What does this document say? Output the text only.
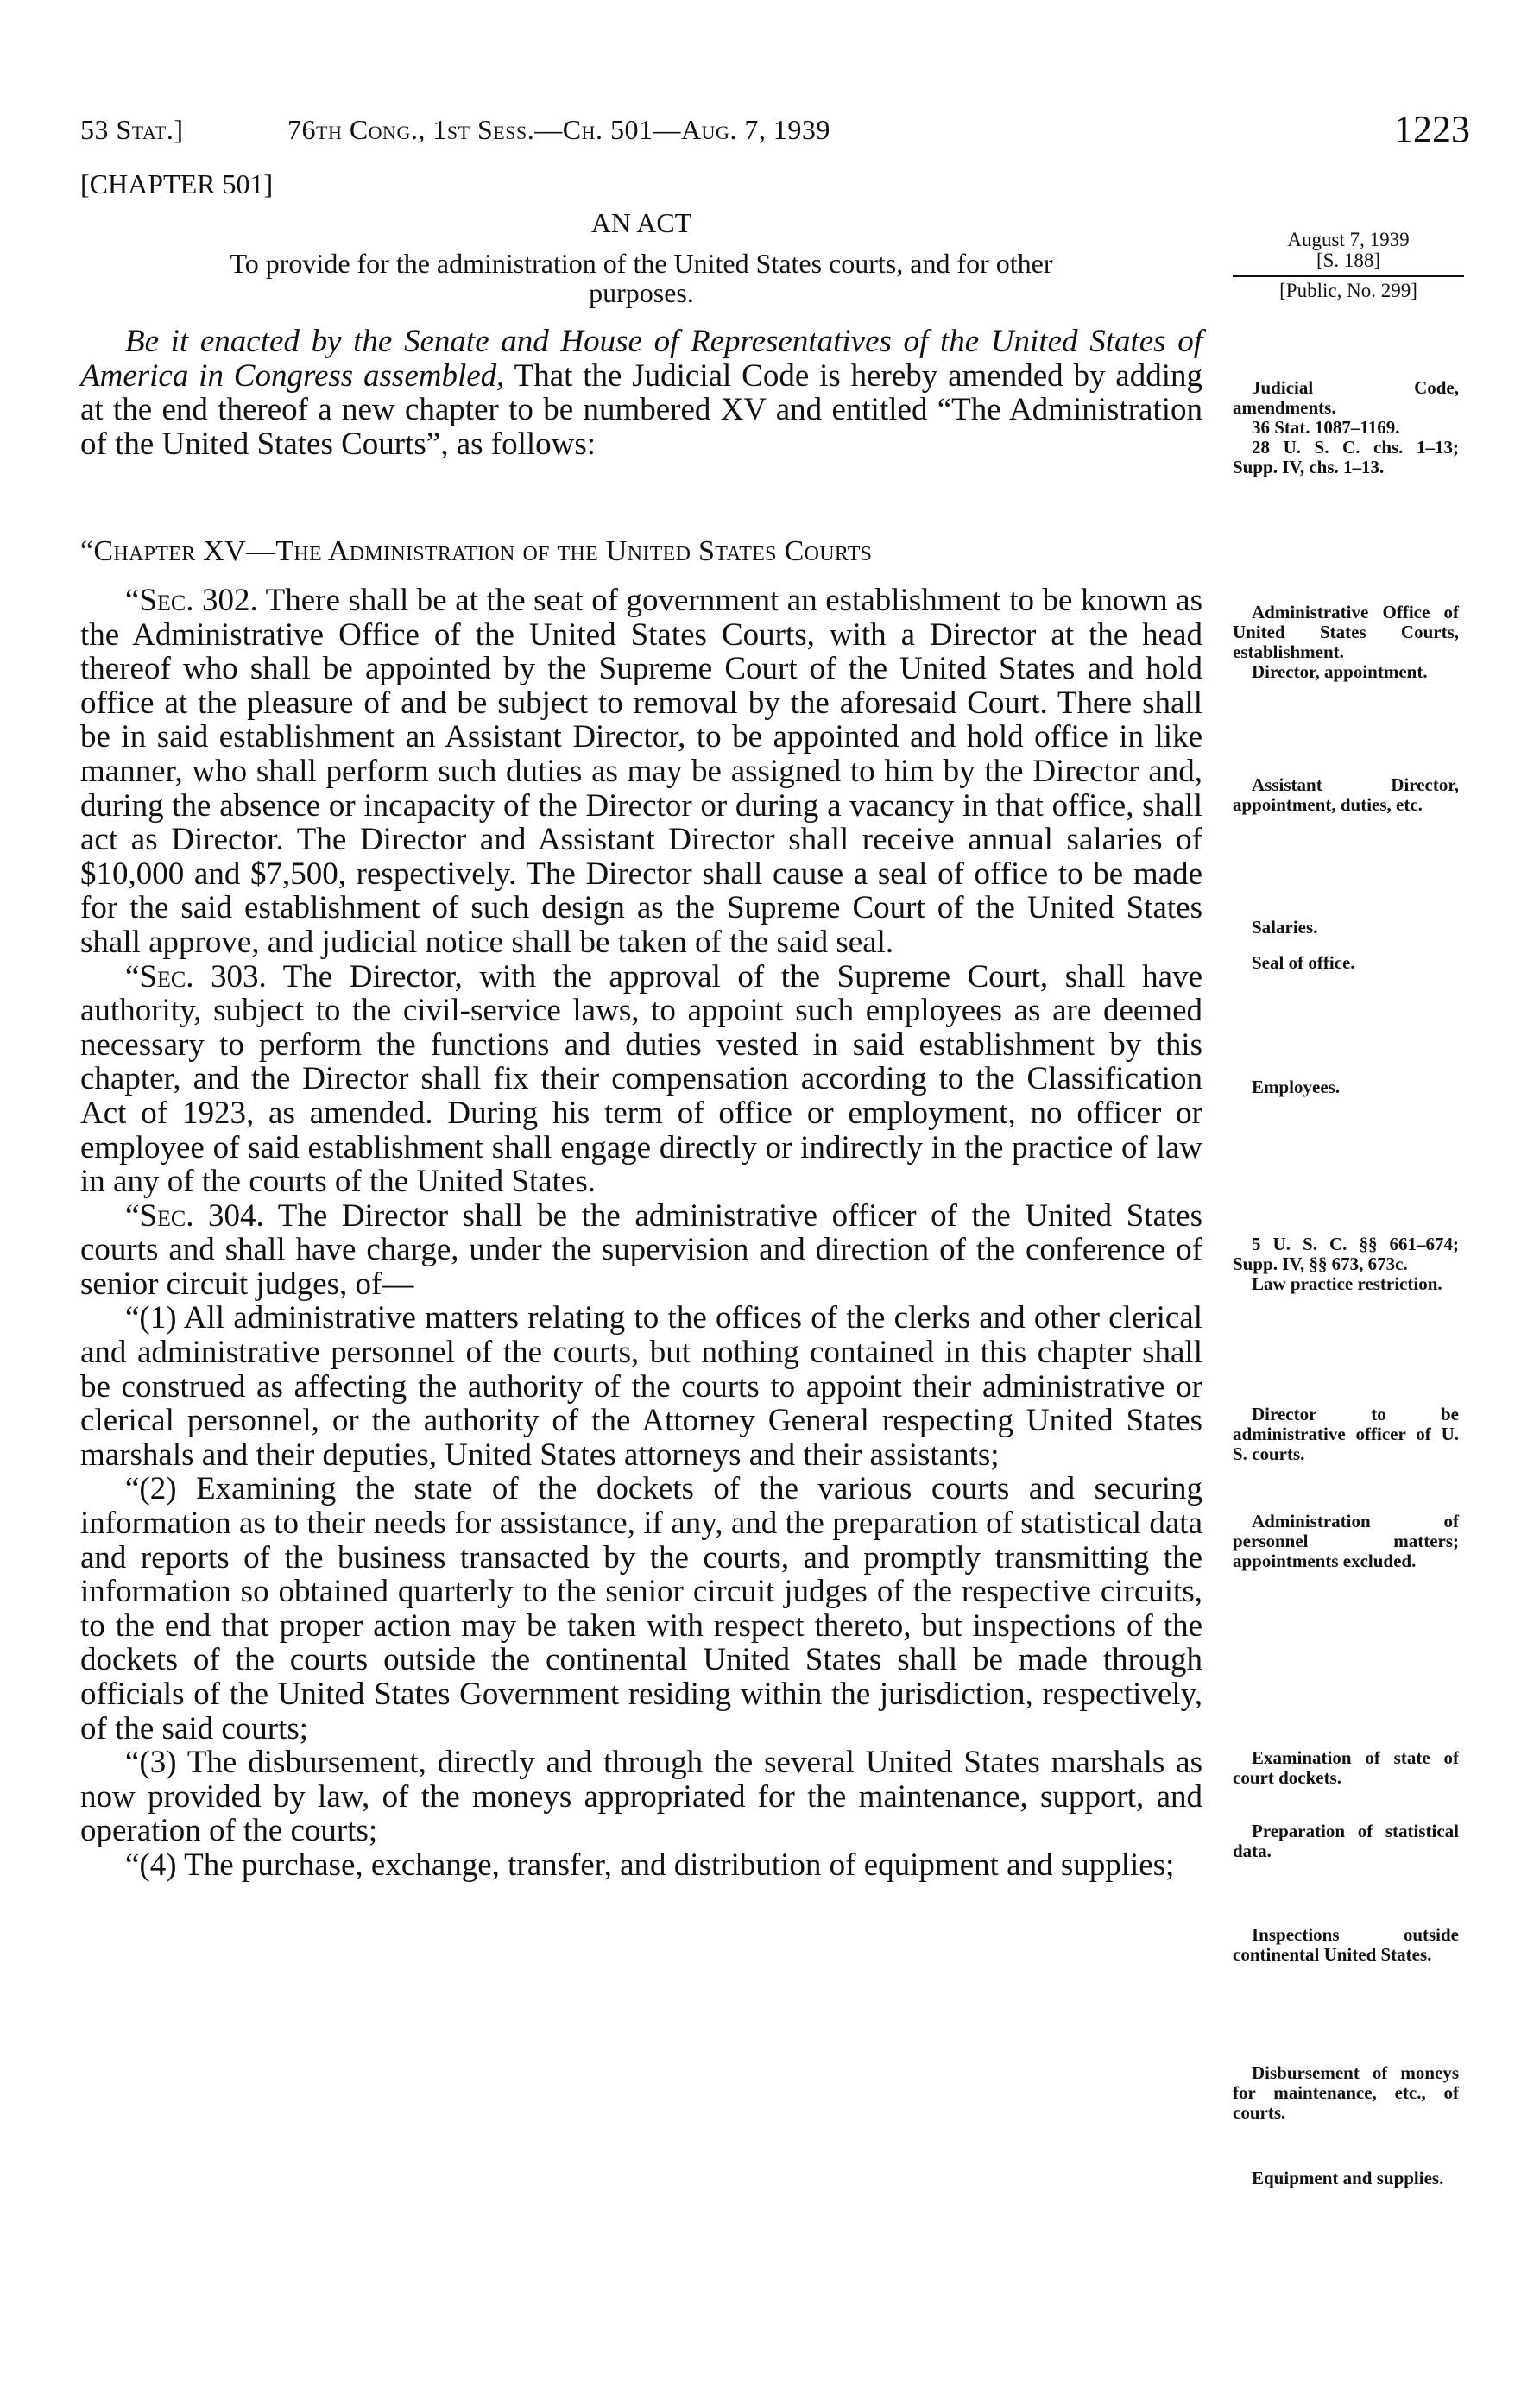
53 Stat.]	76th Cong., 1st Sess.—Ch. 501—Aug. 7, 1939	1223
[CHAPTER 501]
AN ACT
To provide for the administration of the United States courts, and for other
purposes.
August 7, 1939
[S. 188]
[Public, No. 299]

Be it enacted by the Senate and House of Representatives of the United States of America in Congress assembled, That the Judicial Code is hereby amended by adding at the end thereof a new chapter to be numbered XV and entitled “The Administration of the United States Courts”, as follows:

“Chapter XV—The Administration of the United States Courts

“Sec. 302. There shall be at the seat of government an establishment to be known as the Administrative Office of the United States Courts, with a Director at the head thereof who shall be appointed by the Supreme Court of the United States and hold office at the pleasure of and be subject to removal by the aforesaid Court. There shall be in said establishment an Assistant Director, to be appointed and hold office in like manner, who shall perform such duties as may be assigned to him by the Director and, during the absence or incapacity of the Director or during a vacancy in that office, shall act as Director. The Director and Assistant Director shall receive annual salaries of $10,000 and $7,500, respectively. The Director shall cause a seal of office to be made for the said establishment of such design as the Supreme Court of the United States shall approve, and judicial notice shall be taken of the said seal.

“Sec. 303. The Director, with the approval of the Supreme Court, shall have authority, subject to the civil-service laws, to appoint such employees as are deemed necessary to perform the functions and duties vested in said establishment by this chapter, and the Director shall fix their compensation according to the Classification Act of 1923, as amended. During his term of office or employment, no officer or employee of said establishment shall engage directly or indirectly in the practice of law in any of the courts of the United States.

“Sec. 304. The Director shall be the administrative officer of the United States courts and shall have charge, under the supervision and direction of the conference of senior circuit judges, of—

“(1) All administrative matters relating to the offices of the clerks and other clerical and administrative personnel of the courts, but nothing contained in this chapter shall be construed as affecting the authority of the courts to appoint their administrative or clerical personnel, or the authority of the Attorney General respecting United States marshals and their deputies, United States attorneys and their assistants;

“(2) Examining the state of the dockets of the various courts and securing information as to their needs for assistance, if any, and the preparation of statistical data and reports of the business transacted by the courts, and promptly transmitting the information so obtained quarterly to the senior circuit judges of the respective circuits, to the end that proper action may be taken with respect thereto, but inspections of the dockets of the courts outside the continental United States shall be made through officials of the United States Government residing within the jurisdiction, respectively, of the said courts;

“(3) The disbursement, directly and through the several United States marshals as now provided by law, of the moneys appropriated for the maintenance, support, and operation of the courts;

“(4) The purchase, exchange, transfer, and distribution of equipment and supplies;

Judicial Code, amendments.

36 Stat. 1087–1169.

28 U. S. C. chs. 1–13; Supp. IV, chs. 1–13.

Administrative Office of United States Courts, establishment.

Director, appointment.

Assistant Director, appointment, duties, etc.

Salaries.

Seal of office.

Employees.

5 U. S. C. §§ 661–674; Supp. IV, §§ 673, 673c.

Law practice restriction.

Director to be administrative officer of U. S. courts.

Administration of personnel matters; appointments excluded.

Examination of state of court dockets.

Preparation of statistical data.

Inspections outside continental United States.

Disbursement of moneys for maintenance, etc., of courts.

Equipment and supplies.
